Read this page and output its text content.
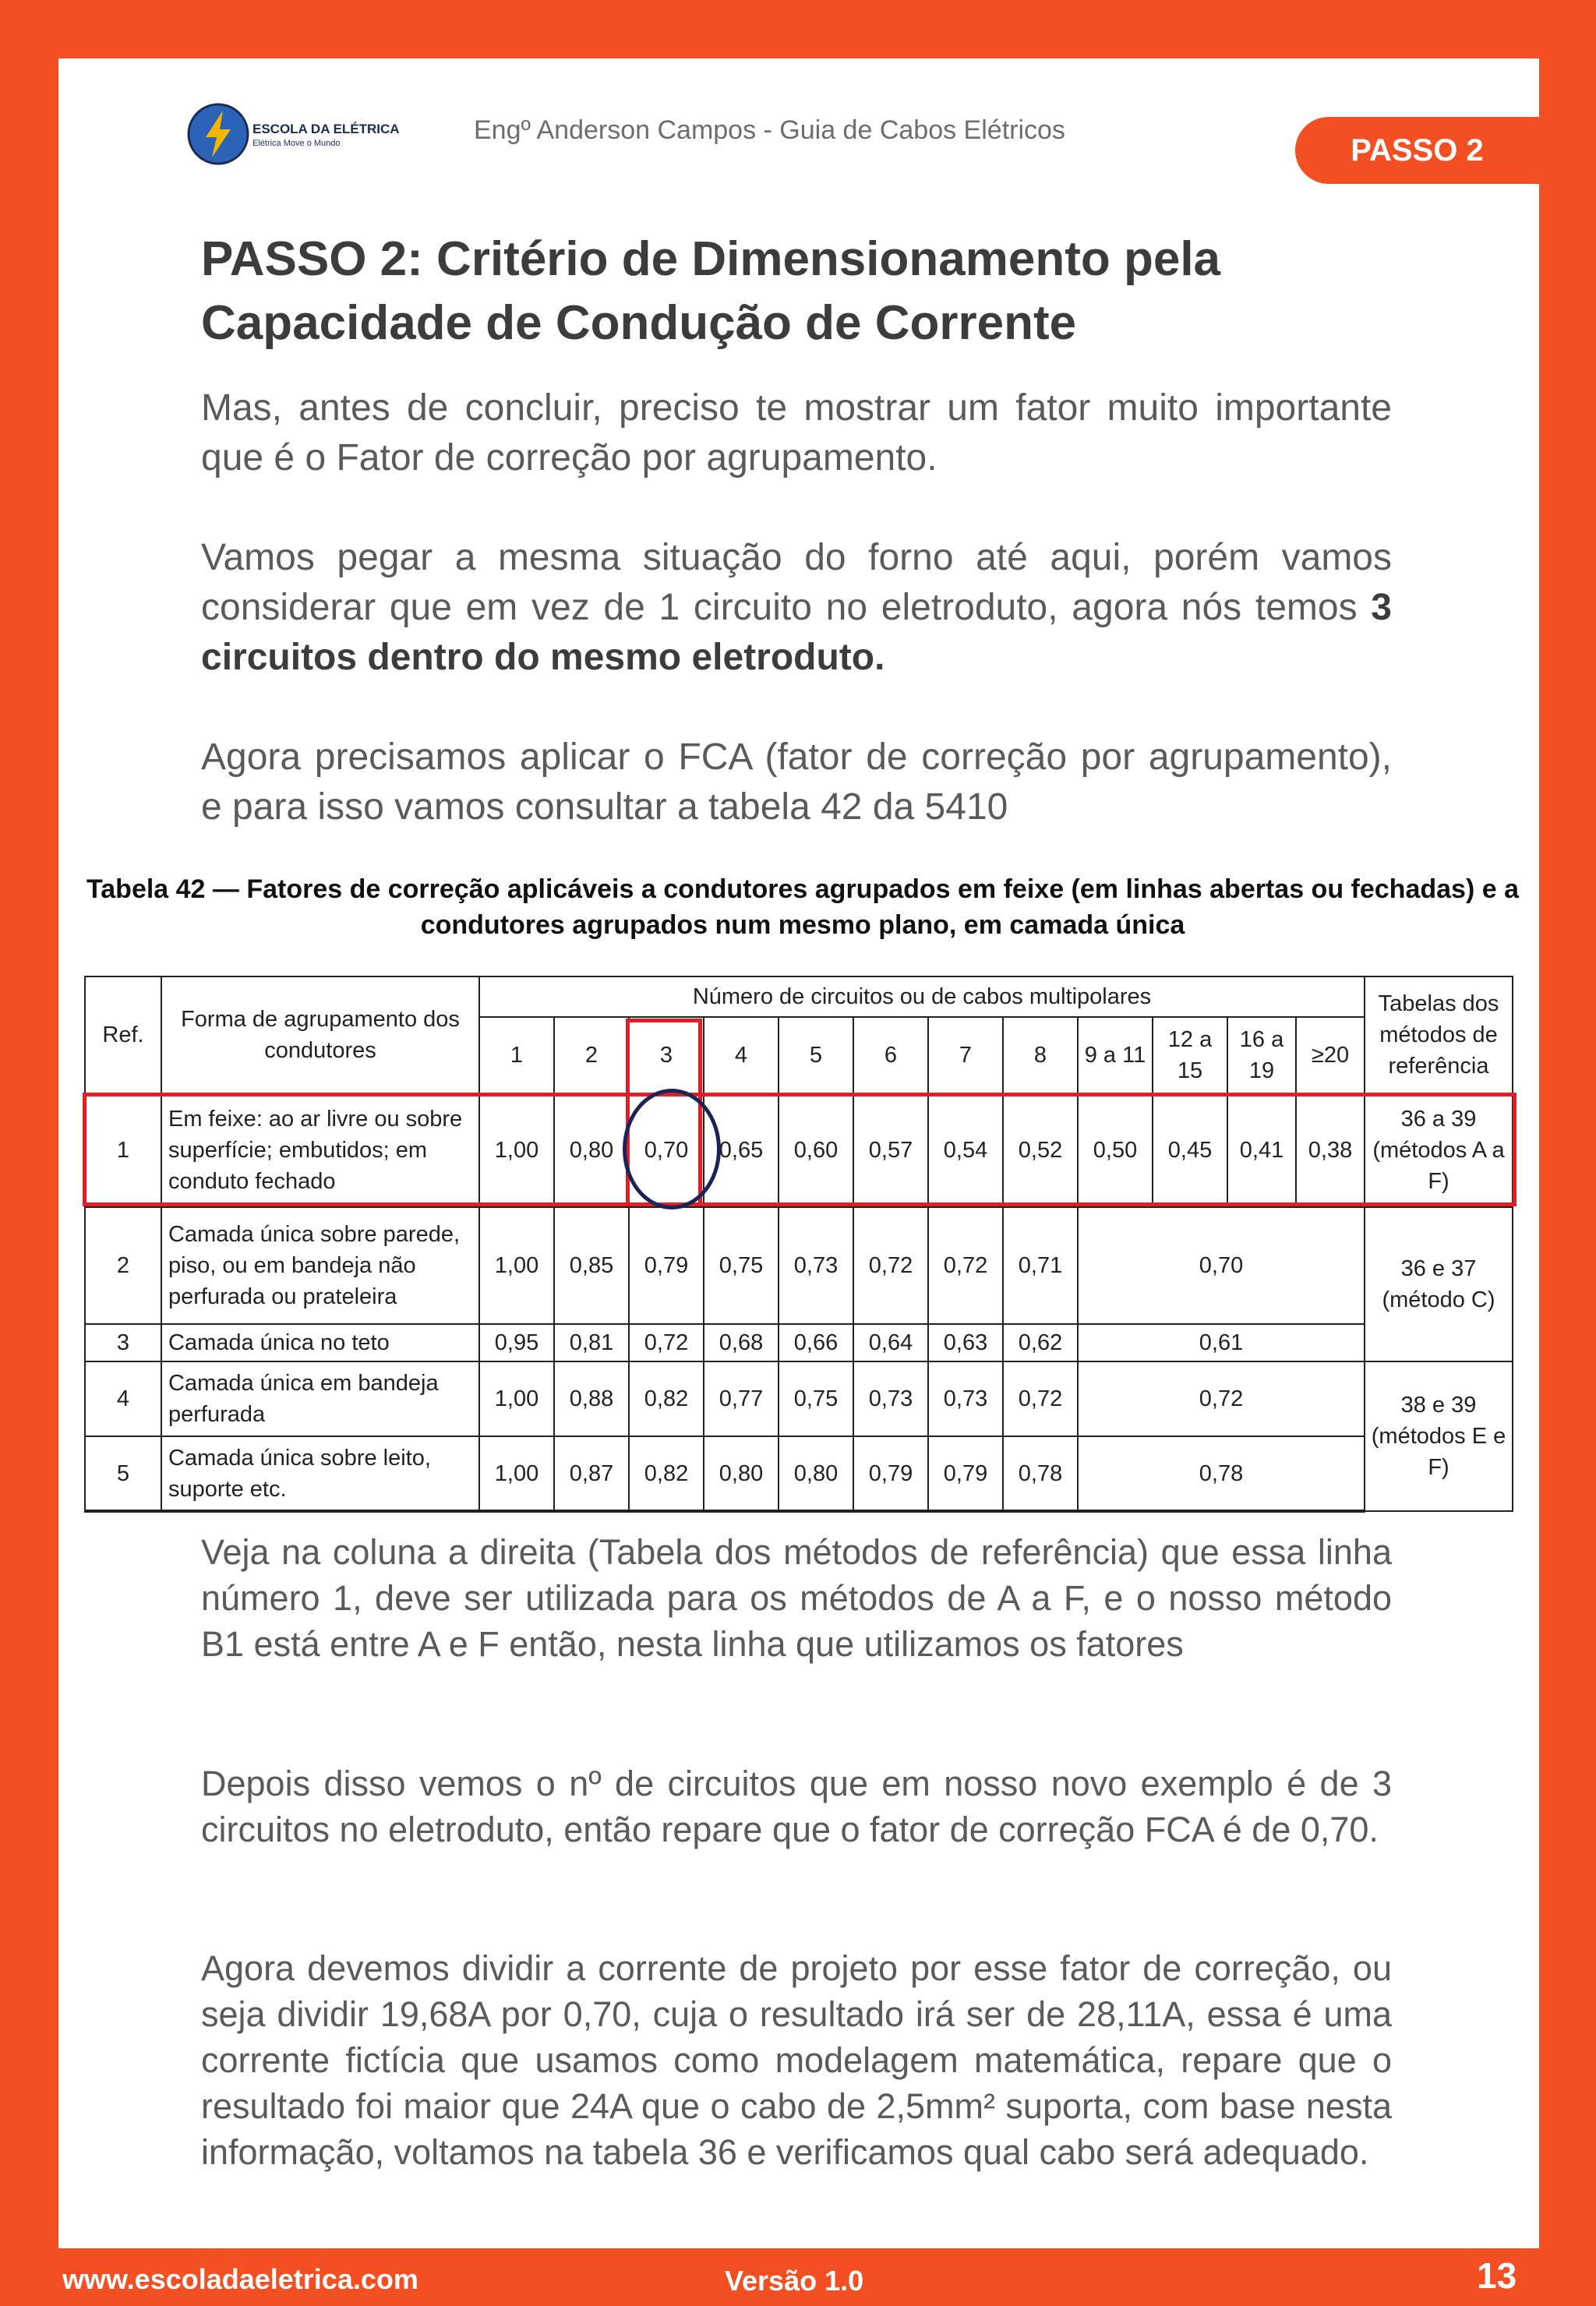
ESCOLA DA ELÉTRICA
Elétrica Move o Mundo	Engº Anderson Campos - Guia de Cabos Elétricos
PASSO 2
PASSO 2: Critério de Dimensionamento pela Capacidade de Condução de Corrente

Mas, antes de concluir, preciso te mostrar um fator muito importante que é o Fator de correção por agrupamento.

Vamos pegar a mesma situação do forno até aqui, porém vamos considerar que em vez de 1 circuito no eletroduto, agora nós temos 3 circuitos dentro do mesmo eletroduto.

Agora precisamos aplicar o FCA (fator de correção por agrupamento), e para isso vamos consultar a tabela 42 da 5410

Tabela 42 — Fatores de correção aplicáveis a condutores agrupados em feixe (em linhas abertas ou fechadas) e a condutores agrupados num mesmo plano, em camada única
Ref.	Forma de agrupamento dos condutores	Número de circuitos ou de cabos multipolares												Tabelas dos métodos de referência
		1	2	3	4	5	6	7	8	9 a 11	12 a 15	16 a 19	≥20	
1	Em feixe: ao ar livre ou sobre superfície; embutidos; em conduto fechado	1,00	0,80	0,70	0,65	0,60	0,57	0,54	0,52	0,50	0,45	0,41	0,38	36 a 39 (métodos A a F)
2	Camada única sobre parede, piso, ou em bandeja não perfurada ou prateleira	1,00	0,85	0,79	0,75	0,73	0,72	0,72	0,71	0,70				36 e 37 (método C)
3	Camada única no teto	0,95	0,81	0,72	0,68	0,66	0,64	0,63	0,62	0,61				
4	Camada única em bandeja perfurada	1,00	0,88	0,82	0,77	0,75	0,73	0,73	0,72	0,72				38 e 39 (métodos E e F)
5	Camada única sobre leito, suporte etc.	1,00	0,87	0,82	0,80	0,80	0,79	0,79	0,78	0,78				

Veja na coluna a direita (Tabela dos métodos de referência) que essa linha número 1, deve ser utilizada para os métodos de A a F, e o nosso método B1 está entre A e F então, nesta linha que utilizamos os fatores

Depois disso vemos o nº de circuitos que em nosso novo exemplo é de 3 circuitos no eletroduto, então repare que o fator de correção FCA é de 0,70.

Agora devemos dividir a corrente de projeto por esse fator de correção, ou seja dividir 19,68A por 0,70, cuja o resultado irá ser de 28,11A, essa é uma corrente fictícia que usamos como modelagem matemática, repare que o resultado foi maior que 24A que o cabo de 2,5mm² suporta, com base nesta informação, voltamos na tabela 36 e verificamos qual cabo será adequado.

www.escoladaeletrica.com	Versão 1.0	13
